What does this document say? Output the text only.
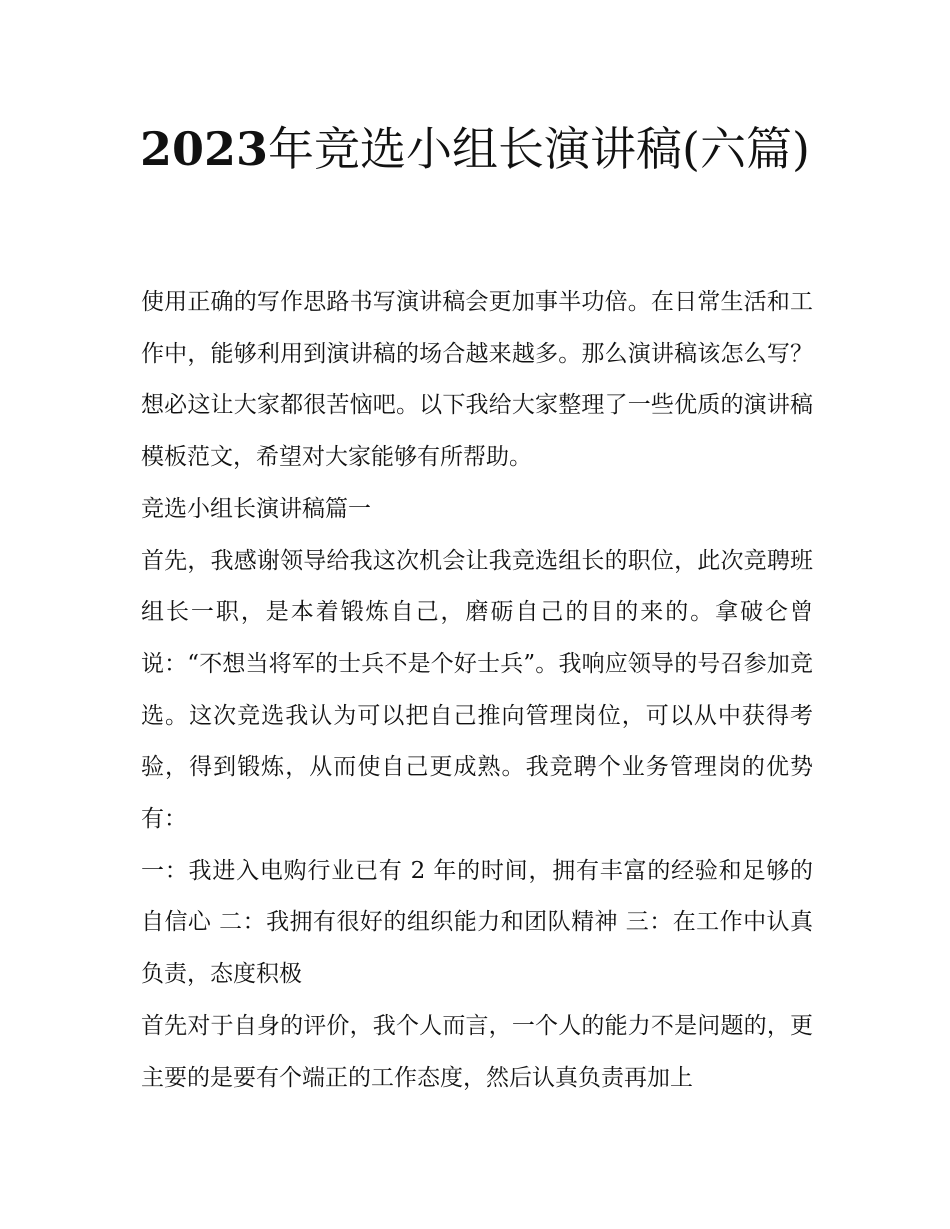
2023年竞选小组长演讲稿(六篇)

使用正确的写作思路书写演讲稿会更加事半功倍。在日常生活和工作中，能够利用到演讲稿的场合越来越多。那么演讲稿该怎么写？想必这让大家都很苦恼吧。以下我给大家整理了一些优质的演讲稿模板范文，希望对大家能够有所帮助。

竞选小组长演讲稿篇一

首先，我感谢领导给我这次机会让我竞选组长的职位，此次竞聘班组长一职，是本着锻炼自己，磨砺自己的目的来的。拿破仑曾说：“不想当将军的士兵不是个好士兵”。我响应领导的号召参加竞选。这次竞选我认为可以把自己推向管理岗位，可以从中获得考验，得到锻炼，从而使自己更成熟。我竞聘个业务管理岗的优势有：

一：我进入电购行业已有 2 年的时间，拥有丰富的经验和足够的自信心 二：我拥有很好的组织能力和团队精神 三：在工作中认真负责，态度积极

首先对于自身的评价，我个人而言，一个人的能力不是问题的，更主要的是要有个端正的工作态度，然后认真负责再加上
